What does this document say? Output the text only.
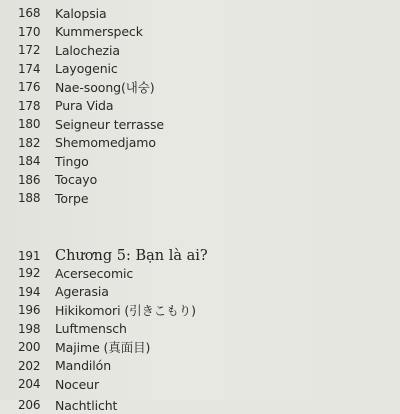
168	Kalopsia
170	Kummerspeck
172	Lalochezia
174	Layogenic
176	Nae-soong(내숭)
178	Pura Vida
180	Seigneur terrasse
182	Shemomedjamo
184	Tingo
186	Tocayo
188	Torpe
191	Chương 5: Bạn là ai?
192	Acersecomic
194	Agerasia
196	Hikikomori (引きこもり)
198	Luftmensch
200	Majime (真面目)
202	Mandilón
204	Noceur
206	Nachtlicht
